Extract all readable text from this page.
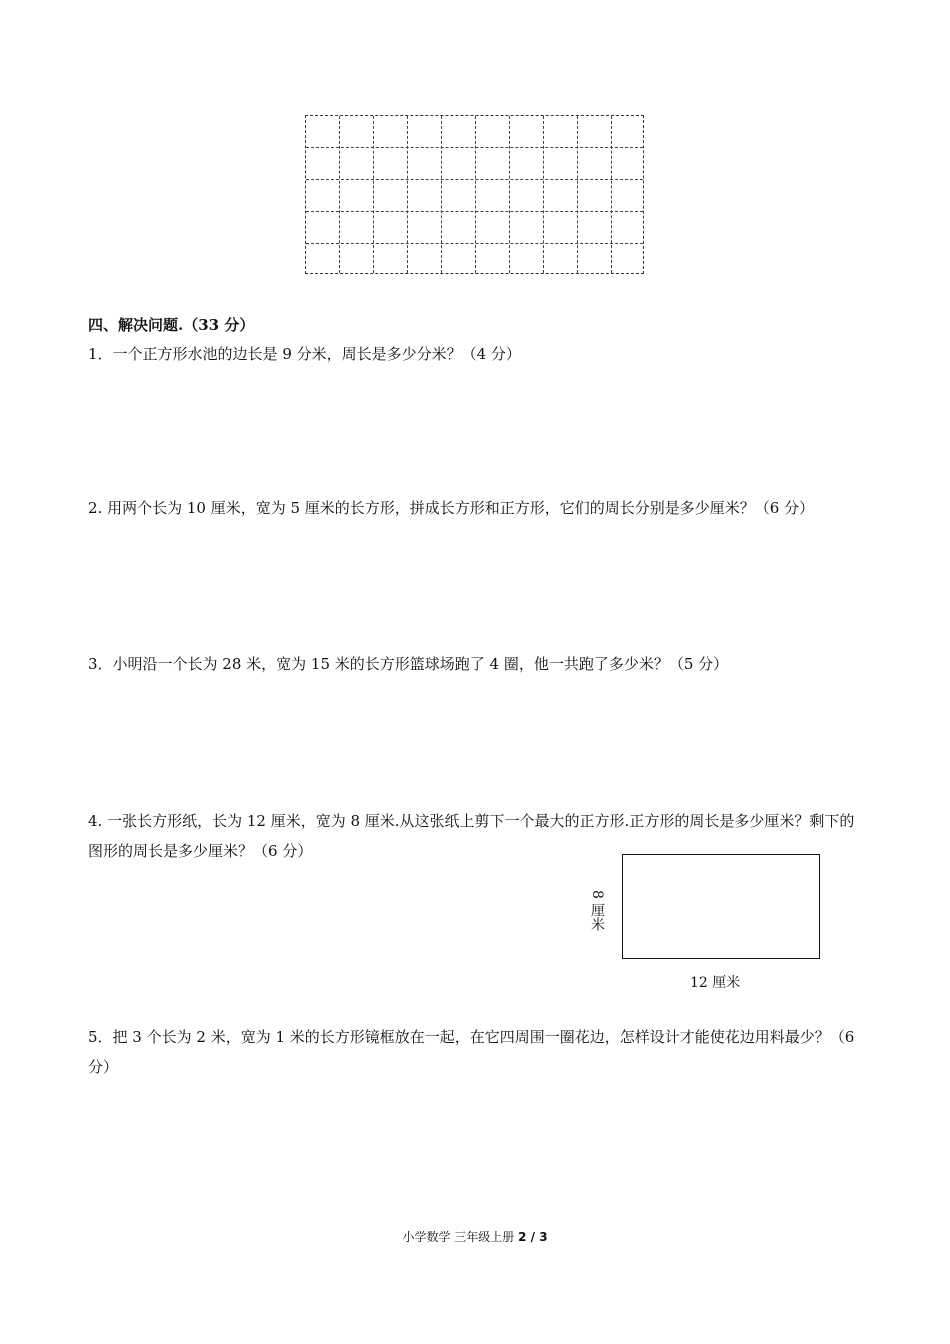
四、解决问题.（33 分）
1．一个正方形水池的边长是 9 分米，周长是多少分米？（4 分）
2. 用两个长为 10 厘米，宽为 5 厘米的长方形，拼成长方形和正方形，它们的周长分别是多少厘米？（6 分）
3．小明沿一个长为 28 米，宽为 15 米的长方形篮球场跑了 4 圈，他一共跑了多少米？（5 分）
4. 一张长方形纸，长为 12 厘米，宽为 8 厘米.从这张纸上剪下一个最大的正方形.正方形的周长是多少厘米？剩下的图形的周长是多少厘米？（6 分）
8 厘米
12 厘米
5．把 3 个长为 2 米，宽为 1 米的长方形镜框放在一起，在它四周围一圈花边，怎样设计才能使花边用料最少？（6 分）
小学数学 三年级上册 2 / 3
